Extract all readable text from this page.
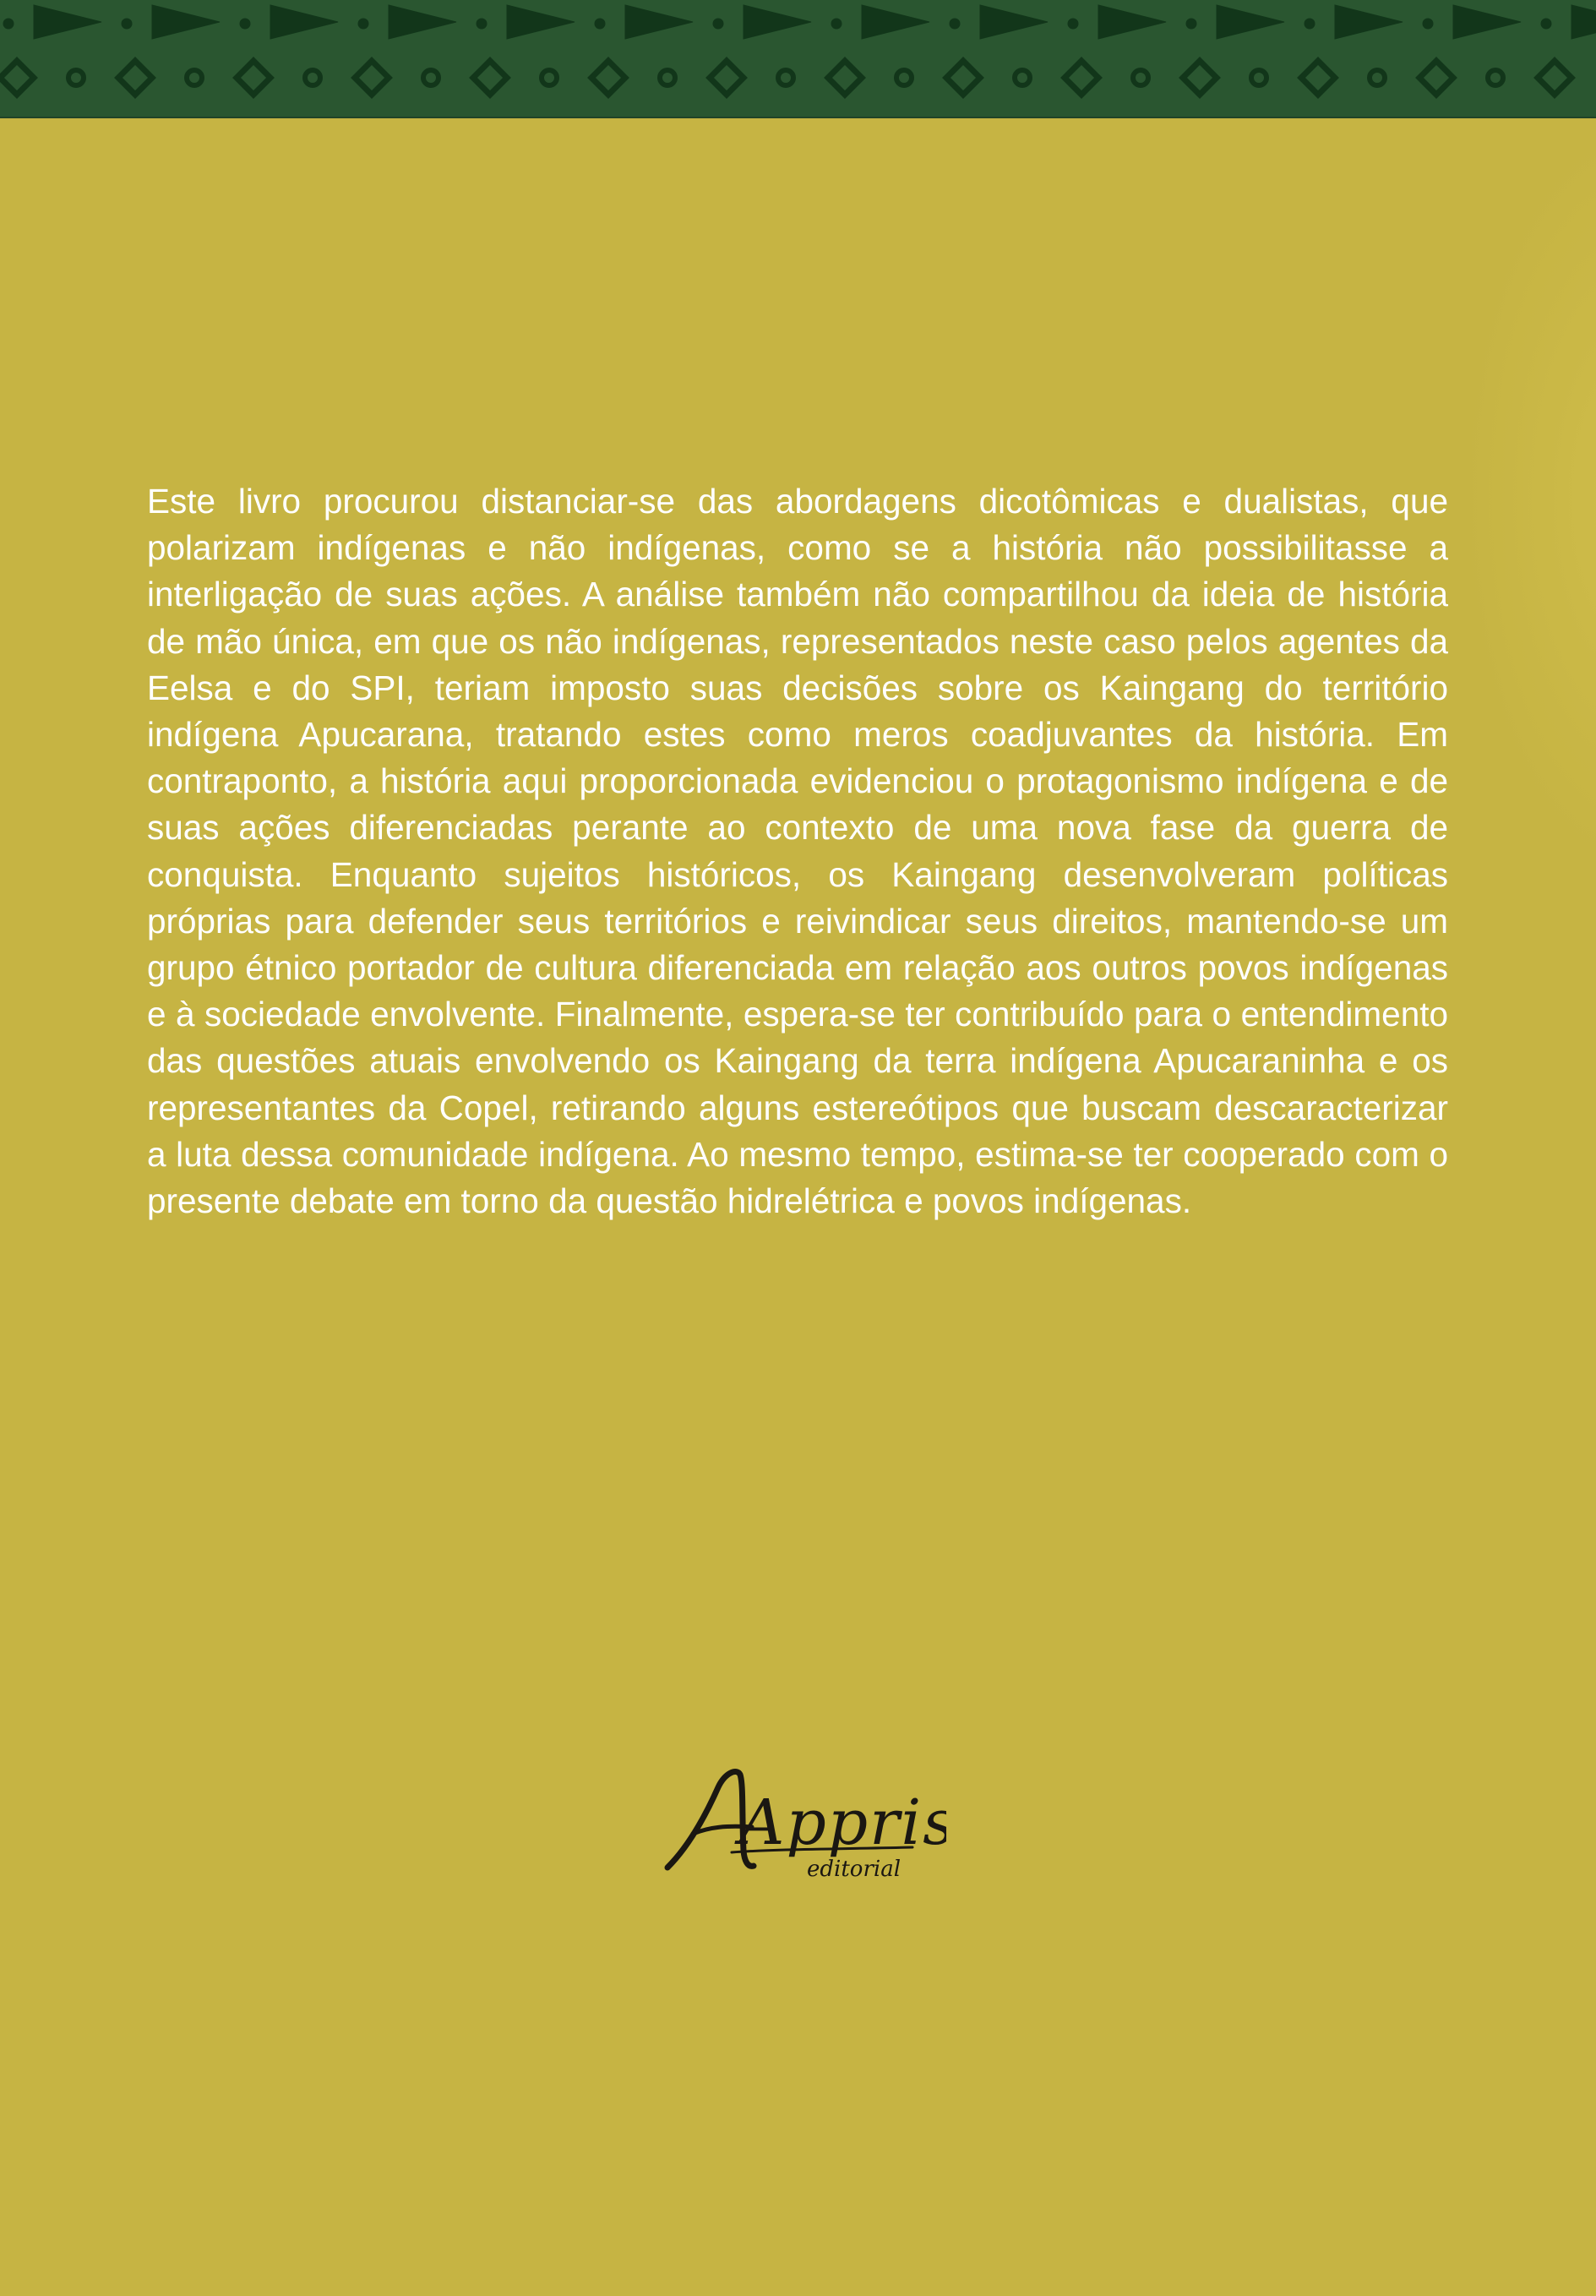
Este livro procurou distanciar-se das abordagens dicotômicas e dualistas, que polarizam indígenas e não indígenas, como se a história não possibilitasse a interligação de suas ações. A análise também não compartilhou da ideia de história de mão única, em que os não indígenas, representados neste caso pelos agentes da Eelsa e do SPI, teriam imposto suas decisões sobre os Kaingang do território indígena Apucarana, tratando estes como meros coadjuvantes da história. Em contraponto, a história aqui proporcionada evidenciou o protagonismo indígena e de suas ações diferenciadas perante ao contexto de uma nova fase da guerra de conquista. Enquanto sujeitos históricos, os Kaingang desenvolveram políticas próprias para defender seus territórios e reivindicar seus direitos, mantendo-se um grupo étnico portador de cultura diferenciada em relação aos outros povos indígenas e à sociedade envolvente. Finalmente, espera-se ter contribuído para o entendimento das questões atuais envolvendo os Kaingang da terra indígena Apucaraninha e os representantes da Copel, retirando alguns estereótipos que buscam descaracterizar a luta dessa comunidade indígena. Ao mesmo tempo, estima-se ter cooperado com o presente debate em torno da questão hidrelétrica e povos indígenas.

Appris
editorial
